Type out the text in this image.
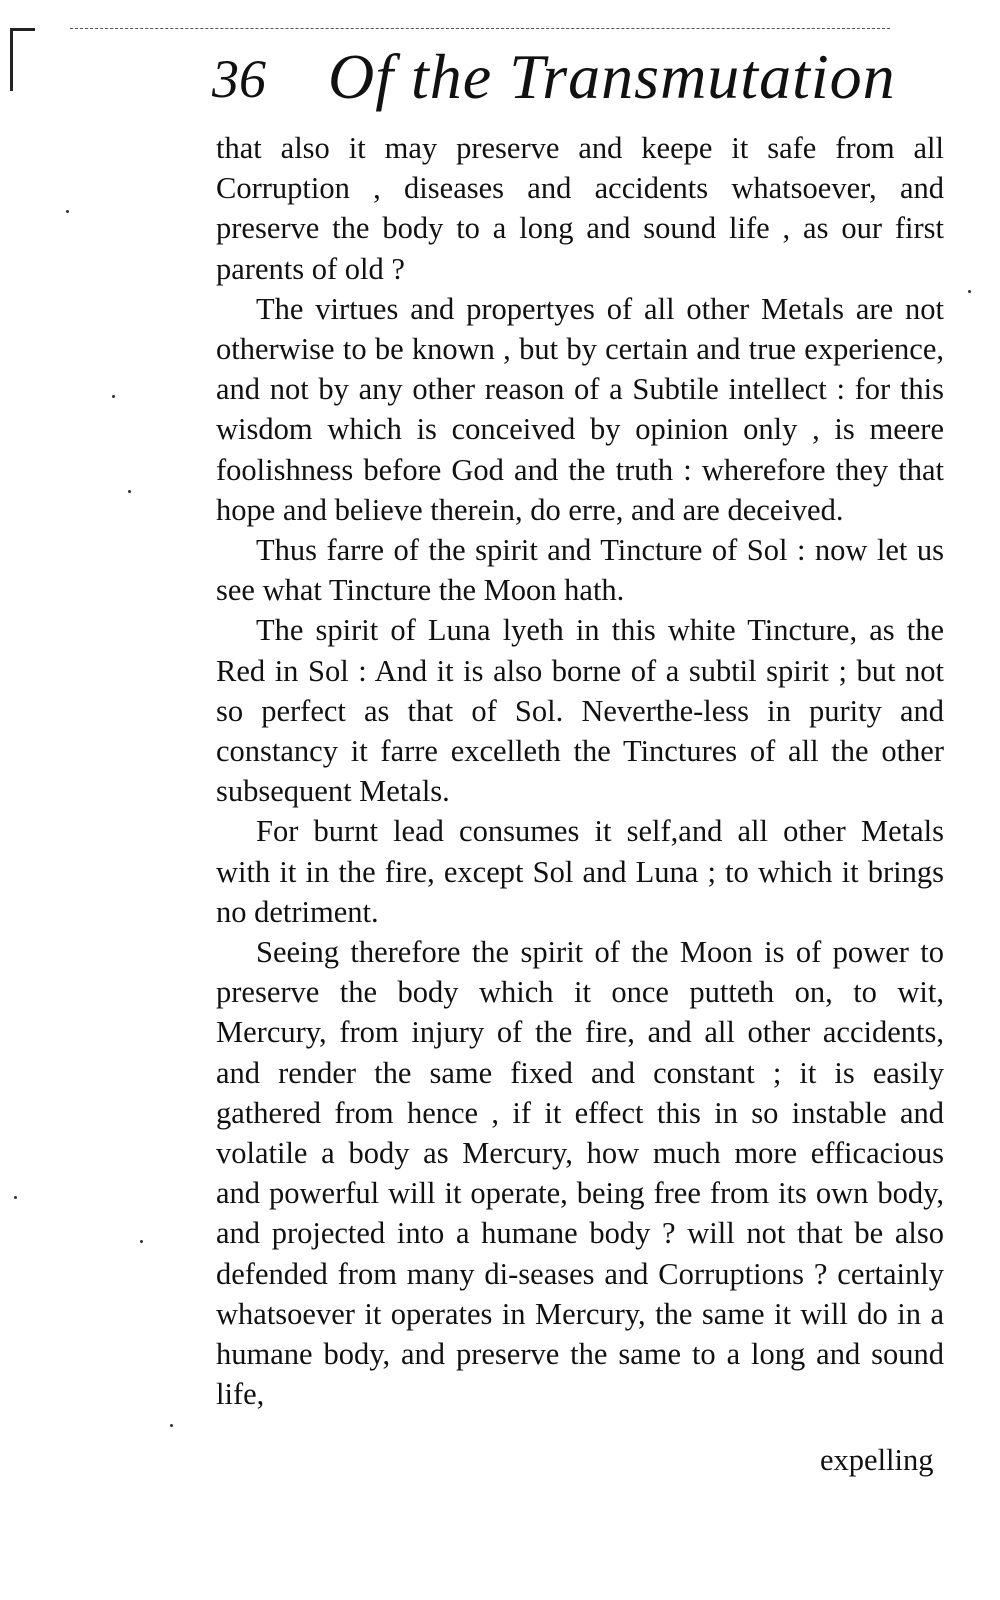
36 Of the Transmutation

that also it may preserve and keepe it safe from all Corruption , diseases and accidents whatsoever, and preserve the body to a long and sound life , as our first parents of old ?

The virtues and propertyes of all other Metals are not otherwise to be known , but by certain and true experience, and not by any other reason of a Subtile intellect : for this wisdom which is conceived by opinion only , is meere foolishness before God and the truth : wherefore they that hope and believe therein, do erre, and are deceived.

Thus farre of the spirit and Tincture of Sol : now let us see what Tincture the Moon hath.

The spirit of Luna lyeth in this white Tincture, as the Red in Sol : And it is also borne of a subtil spirit ; but not so perfect as that of Sol. Neverthe-less in purity and constancy it farre excelleth the Tinctures of all the other subsequent Metals.

For burnt lead consumes it self,and all other Metals with it in the fire, except Sol and Luna ; to which it brings no detriment.

Seeing therefore the spirit of the Moon is of power to preserve the body which it once putteth on, to wit, Mercury, from injury of the fire, and all other accidents, and render the same fixed and constant ; it is easily gathered from hence , if it effect this in so instable and volatile a body as Mercury, how much more efficacious and powerful will it operate, being free from its own body, and projected into a humane body ? will not that be also defended from many di-seases and Corruptions ? certainly whatsoever it operates in Mercury, the same it will do in a humane body, and preserve the same to a long and sound life,

expelling
